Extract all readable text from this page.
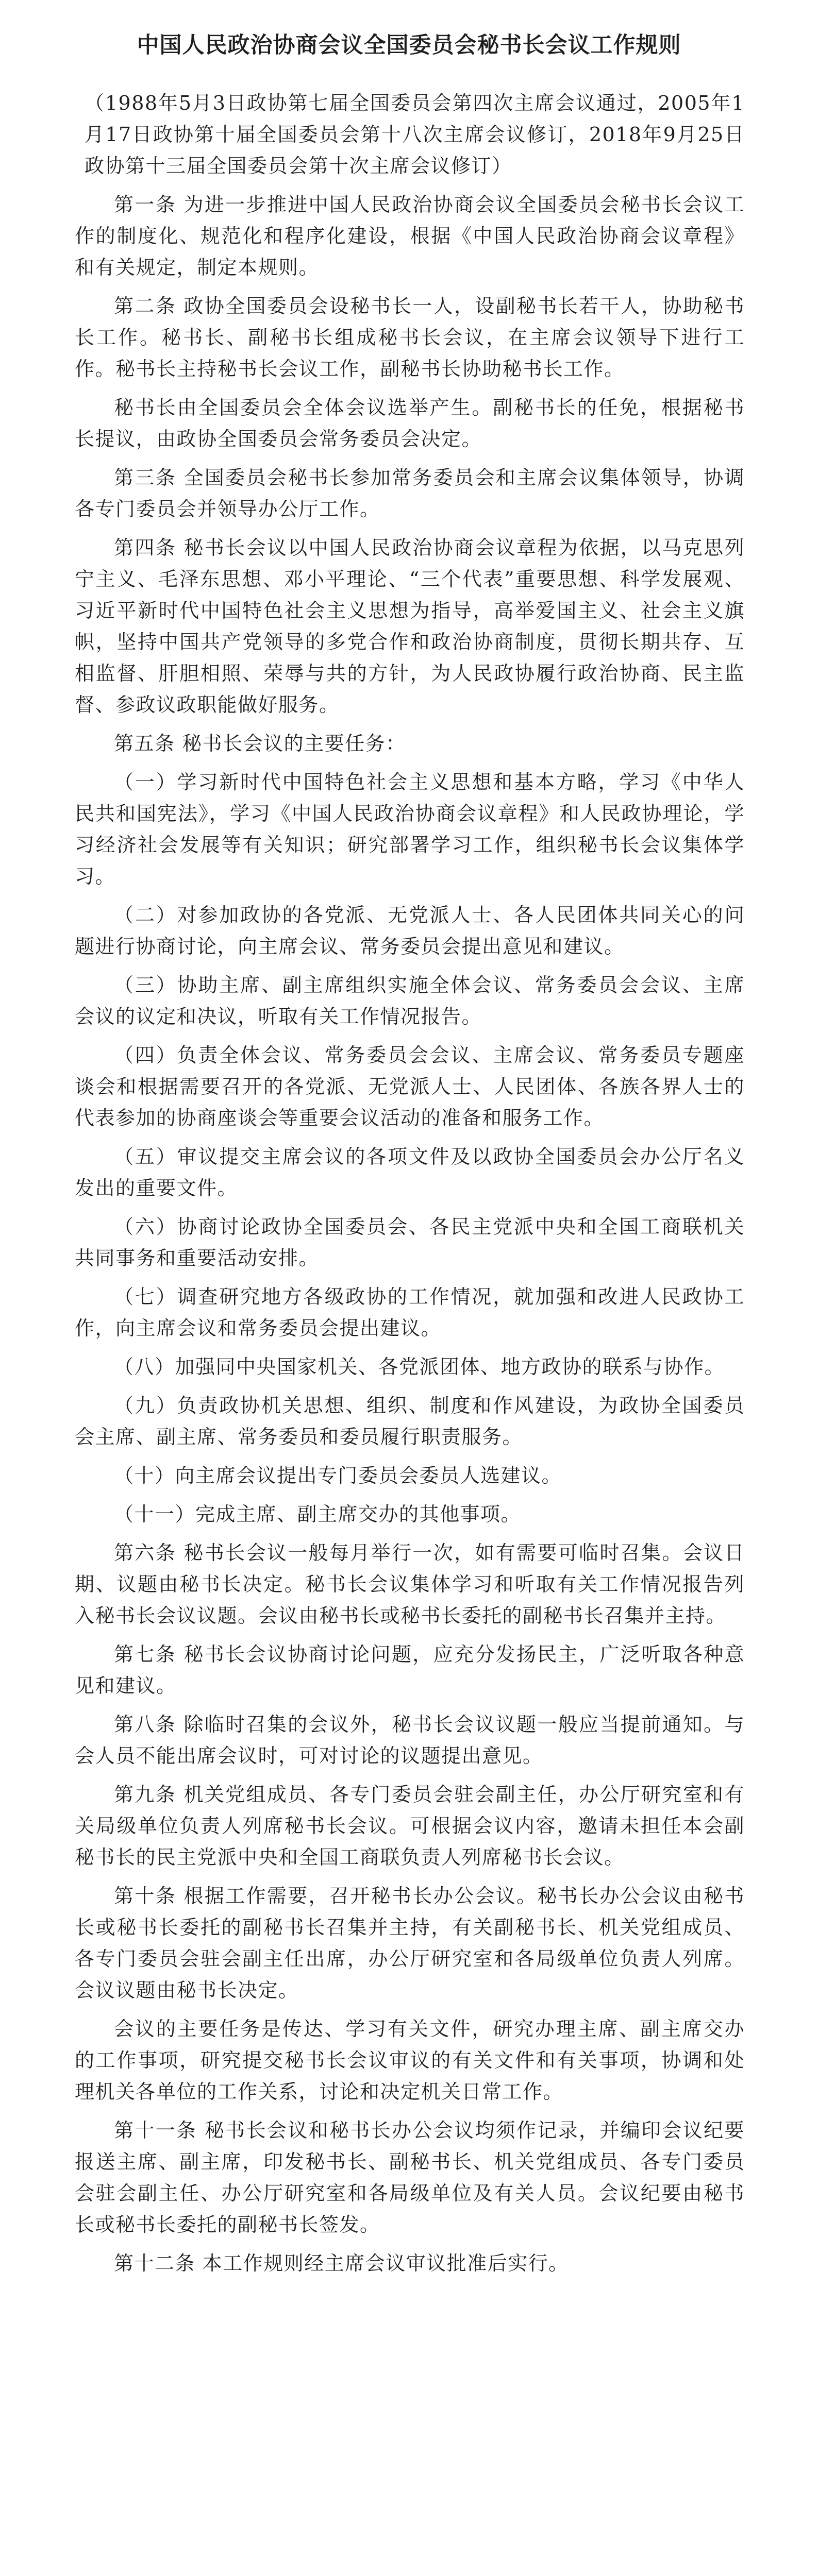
中国人民政治协商会议全国委员会秘书长会议工作规则

（1988年5月3日政协第七届全国委员会第四次主席会议通过，2005年1月17日政协第十届全国委员会第十八次主席会议修订，2018年9月25日政协第十三届全国委员会第十次主席会议修订）

第一条 为进一步推进中国人民政治协商会议全国委员会秘书长会议工作的制度化、规范化和程序化建设，根据《中国人民政治协商会议章程》和有关规定，制定本规则。

第二条 政协全国委员会设秘书长一人，设副秘书长若干人，协助秘书长工作。秘书长、副秘书长组成秘书长会议，在主席会议领导下进行工作。秘书长主持秘书长会议工作，副秘书长协助秘书长工作。

秘书长由全国委员会全体会议选举产生。副秘书长的任免，根据秘书长提议，由政协全国委员会常务委员会决定。

第三条 全国委员会秘书长参加常务委员会和主席会议集体领导，协调各专门委员会并领导办公厅工作。

第四条 秘书长会议以中国人民政治协商会议章程为依据，以马克思列宁主义、毛泽东思想、邓小平理论、“三个代表”重要思想、科学发展观、习近平新时代中国特色社会主义思想为指导，高举爱国主义、社会主义旗帜，坚持中国共产党领导的多党合作和政治协商制度，贯彻长期共存、互相监督、肝胆相照、荣辱与共的方针，为人民政协履行政治协商、民主监督、参政议政职能做好服务。

第五条 秘书长会议的主要任务：

（一）学习新时代中国特色社会主义思想和基本方略，学习《中华人民共和国宪法》，学习《中国人民政治协商会议章程》和人民政协理论，学习经济社会发展等有关知识；研究部署学习工作，组织秘书长会议集体学习。

（二）对参加政协的各党派、无党派人士、各人民团体共同关心的问题进行协商讨论，向主席会议、常务委员会提出意见和建议。

（三）协助主席、副主席组织实施全体会议、常务委员会会议、主席会议的议定和决议，听取有关工作情况报告。

（四）负责全体会议、常务委员会会议、主席会议、常务委员专题座谈会和根据需要召开的各党派、无党派人士、人民团体、各族各界人士的代表参加的协商座谈会等重要会议活动的准备和服务工作。

（五）审议提交主席会议的各项文件及以政协全国委员会办公厅名义发出的重要文件。

（六）协商讨论政协全国委员会、各民主党派中央和全国工商联机关共同事务和重要活动安排。

（七）调查研究地方各级政协的工作情况，就加强和改进人民政协工作，向主席会议和常务委员会提出建议。

（八）加强同中央国家机关、各党派团体、地方政协的联系与协作。

（九）负责政协机关思想、组织、制度和作风建设，为政协全国委员会主席、副主席、常务委员和委员履行职责服务。

（十）向主席会议提出专门委员会委员人选建议。

（十一）完成主席、副主席交办的其他事项。

第六条 秘书长会议一般每月举行一次，如有需要可临时召集。会议日期、议题由秘书长决定。秘书长会议集体学习和听取有关工作情况报告列入秘书长会议议题。会议由秘书长或秘书长委托的副秘书长召集并主持。

第七条 秘书长会议协商讨论问题，应充分发扬民主，广泛听取各种意见和建议。

第八条 除临时召集的会议外，秘书长会议议题一般应当提前通知。与会人员不能出席会议时，可对讨论的议题提出意见。

第九条 机关党组成员、各专门委员会驻会副主任，办公厅研究室和有关局级单位负责人列席秘书长会议。可根据会议内容，邀请未担任本会副秘书长的民主党派中央和全国工商联负责人列席秘书长会议。

第十条 根据工作需要，召开秘书长办公会议。秘书长办公会议由秘书长或秘书长委托的副秘书长召集并主持，有关副秘书长、机关党组成员、各专门委员会驻会副主任出席，办公厅研究室和各局级单位负责人列席。会议议题由秘书长决定。

会议的主要任务是传达、学习有关文件，研究办理主席、副主席交办的工作事项，研究提交秘书长会议审议的有关文件和有关事项，协调和处理机关各单位的工作关系，讨论和决定机关日常工作。

第十一条 秘书长会议和秘书长办公会议均须作记录，并编印会议纪要报送主席、副主席，印发秘书长、副秘书长、机关党组成员、各专门委员会驻会副主任、办公厅研究室和各局级单位及有关人员。会议纪要由秘书长或秘书长委托的副秘书长签发。

第十二条 本工作规则经主席会议审议批准后实行。
